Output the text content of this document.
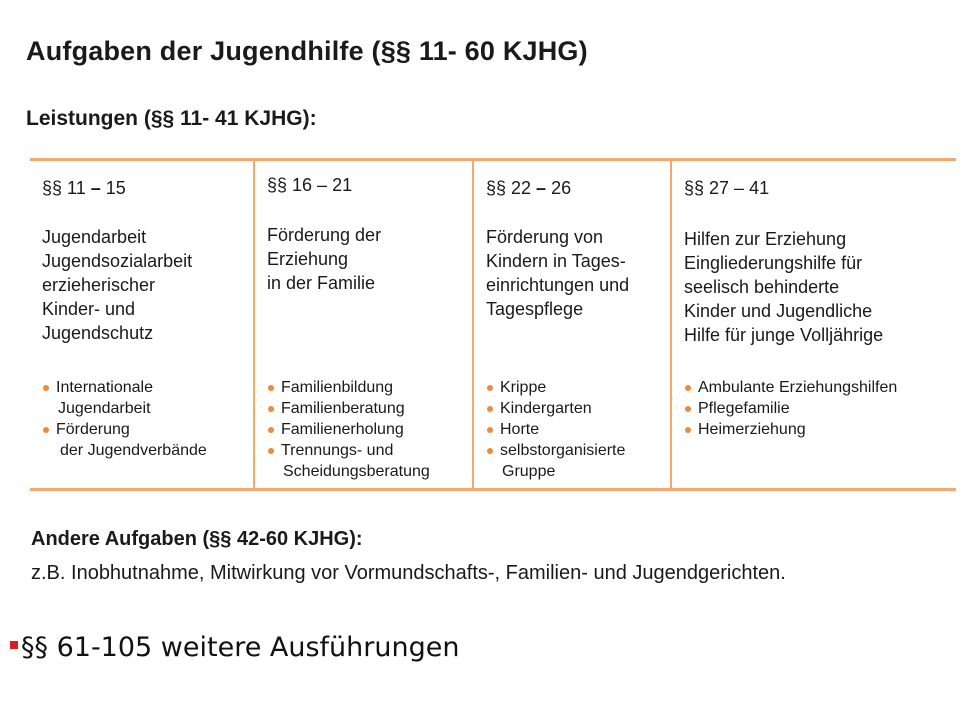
Aufgaben der Jugendhilfe (§§ 11- 60 KJHG)
Leistungen (§§ 11- 41 KJHG):
§§ 11 – 15

Jugendarbeit
Jugendsozialarbeit
erzieherischer
Kinder- und
Jugendschutz

Internationale
Jugendarbeit
Förderung
der Jugendverbände
§§ 16 – 21

Förderung der
Erziehung
in der Familie

Familienbildung
Familienberatung
Familienerholung
Trennungs- und
Scheidungsberatung
§§ 22 – 26

Förderung von
Kindern in Tages-
einrichtungen und
Tagespflege

Krippe
Kindergarten
Horte
selbstorganisierte
Gruppe
§§ 27 – 41

Hilfen zur Erziehung
Eingliederungshilfe für
seelisch behinderte
Kinder und Jugendliche
Hilfe für junge Volljährige

Ambulante Erziehungshilfen
Pflegefamilie
Heimerziehung
Andere Aufgaben (§§ 42-60 KJHG):

z.B. Inobhutnahme, Mitwirkung vor Vormundschafts-, Familien- und Jugendgerichten.

§§ 61-105 weitere Ausführungen
